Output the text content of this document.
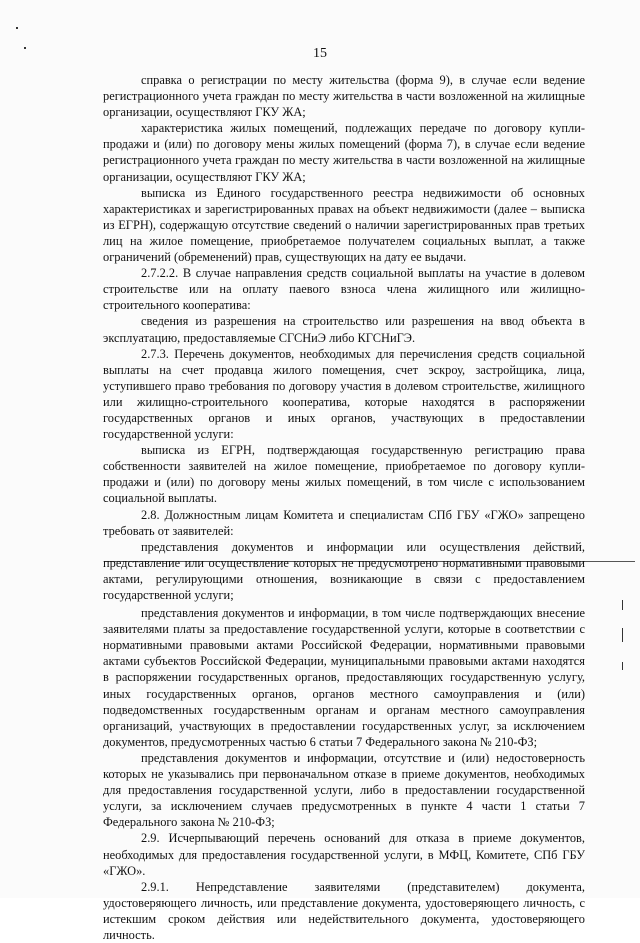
15

справка о регистрации по месту жительства (форма 9), в случае если ведение регистрационного учета граждан по месту жительства в части возложенной на жилищные организации, осуществляют ГКУ ЖА;

характеристика жилых помещений, подлежащих передаче по договору купли-продажи и (или) по договору мены жилых помещений (форма 7), в случае если ведение регистрационного учета граждан по месту жительства в части возложенной на жилищные организации, осуществляют ГКУ ЖА;

выписка из Единого государственного реестра недвижимости об основных характеристиках и зарегистрированных правах на объект недвижимости (далее – выписка из ЕГРН), содержащую отсутствие сведений о наличии зарегистрированных прав третьих лиц на жилое помещение, приобретаемое получателем социальных выплат, а также ограничений (обременений) прав, существующих на дату ее выдачи.

2.7.2.2. В случае направления средств социальной выплаты на участие в долевом строительстве или на оплату паевого взноса члена жилищного или жилищно-строительного кооператива:

сведения из разрешения на строительство или разрешения на ввод объекта в эксплуатацию, предоставляемые СГСНиЭ либо КГСНиГЭ.

2.7.3. Перечень документов, необходимых для перечисления средств социальной выплаты на счет продавца жилого помещения, счет эскроу, застройщика, лица, уступившего право требования по договору участия в долевом строительстве, жилищного или жилищно-строительного кооператива, которые находятся в распоряжении государственных органов и иных органов, участвующих в предоставлении государственной услуги:

выписка из ЕГРН, подтверждающая государственную регистрацию права собственности заявителей на жилое помещение, приобретаемое по договору купли-продажи и (или) по договору мены жилых помещений, в том числе с использованием социальной выплаты.

2.8. Должностным лицам Комитета и специалистам СПб ГБУ «ГЖО» запрещено требовать от заявителей:

представления документов и информации или осуществления действий, представление или осуществление которых не предусмотрено нормативными правовыми актами, регулирующими отношения, возникающие в связи с предоставлением государственной услуги;

представления документов и информации, в том числе подтверждающих внесение заявителями платы за предоставление государственной услуги, которые в соответствии с нормативными правовыми актами Российской Федерации, нормативными правовыми актами субъектов Российской Федерации, муниципальными правовыми актами находятся в распоряжении государственных органов, предоставляющих государственную услугу, иных государственных органов, органов местного самоуправления и (или) подведомственных государственным органам и органам местного самоуправления организаций, участвующих в предоставлении государственных услуг, за исключением документов, предусмотренных частью 6 статьи 7 Федерального закона № 210-ФЗ;

представления документов и информации, отсутствие и (или) недостоверность которых не указывались при первоначальном отказе в приеме документов, необходимых для предоставления государственной услуги, либо в предоставлении государственной услуги, за исключением случаев предусмотренных в пункте 4 части 1 статьи 7 Федерального закона № 210-ФЗ;

2.9. Исчерпывающий перечень оснований для отказа в приеме документов, необходимых для предоставления государственной услуги, в МФЦ, Комитете, СПб ГБУ «ГЖО».

2.9.1. Непредставление заявителями (представителем) документа, удостоверяющего личность, или представление документа, удостоверяющего личность, с истекшим сроком действия или недействительного документа, удостоверяющего личность.
